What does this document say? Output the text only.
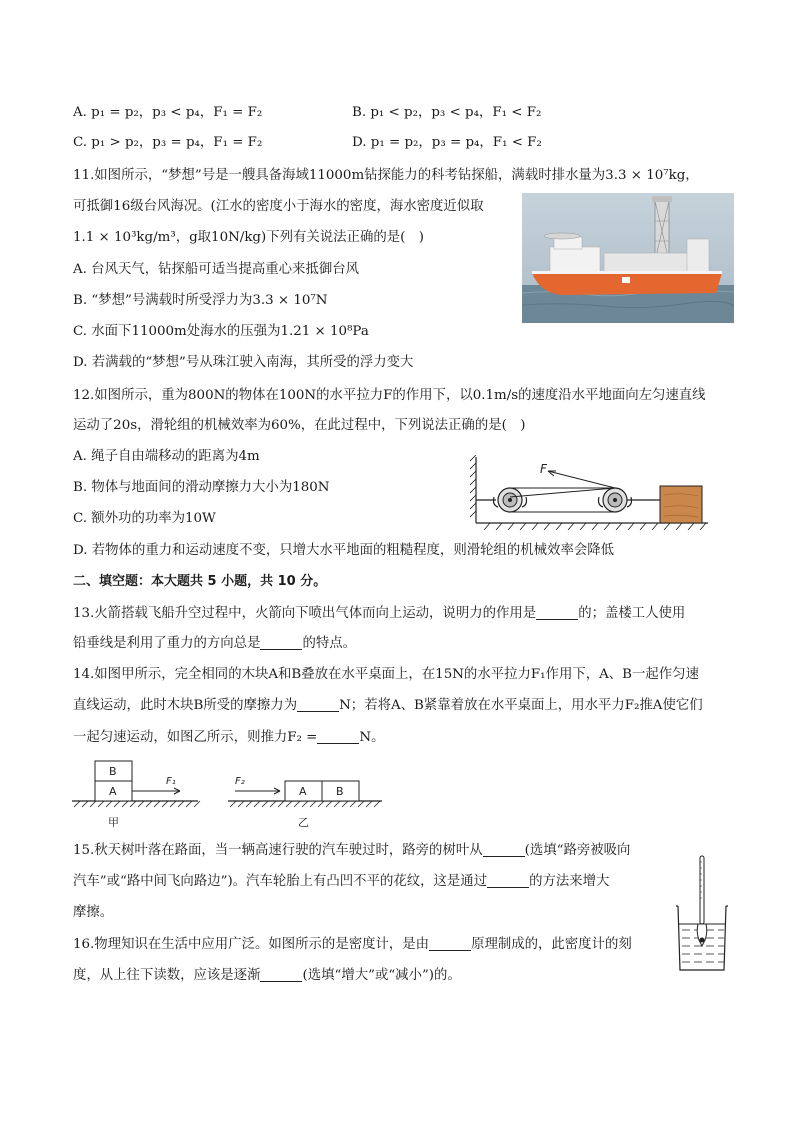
A. p₁ = p₂，p₃ < p₄，F₁ = F₂	B. p₁ < p₂，p₃ < p₄，F₁ < F₂
C. p₁ > p₂，p₃ = p₄，F₁ = F₂	D. p₁ = p₂，p₃ = p₄，F₁ < F₂
11.如图所示，“梦想”号是一艘具备海域11000m钻探能力的科考钻探船，满载时排水量为3.3 × 10⁷kg，
可抵御16级台风海况。(江水的密度小于海水的密度，海水密度近似取
1.1 × 10³kg/m³，g取10N/kg)下列有关说法正确的是(　)
A. 台风天气，钻探船可适当提高重心来抵御台风
B. “梦想”号满载时所受浮力为3.3 × 10⁷N
C. 水面下11000m处海水的压强为1.21 × 10⁸Pa
D. 若满载的“梦想”号从珠江驶入南海，其所受的浮力变大
12.如图所示，重为800N的物体在100N的水平拉力F的作用下，以0.1m/s的速度沿水平地面向左匀速直线
运动了20s，滑轮组的机械效率为60%，在此过程中，下列说法正确的是(　)
A. 绳子自由端移动的距离为4m
B. 物体与地面间的滑动摩擦力大小为180N
C. 额外功的功率为10W
D. 若物体的重力和运动速度不变，只增大水平地面的粗糙程度，则滑轮组的机械效率会降低
F
二、填空题：本大题共 5 小题，共 10 分。
13.火箭搭载飞船升空过程中，火箭向下喷出气体而向上运动，说明力的作用是	的；盖楼工人使用
铅垂线是利用了重力的方向总是	的特点。
14.如图甲所示，完全相同的木块A和B叠放在水平桌面上，在15N的水平拉力F₁作用下，A、B一起作匀速
直线运动，此时木块B所受的摩擦力为	N；若将A、B紧靠着放在水平桌面上，用水平力F₂推A使它们
一起匀速运动，如图乙所示，则推力F₂ =	N。
A
B
F₁
甲
F₂
A	B
乙
15.秋天树叶落在路面，当一辆高速行驶的汽车驶过时，路旁的树叶从	(选填“路旁被吸向
汽车”或“路中间飞向路边”)。汽车轮胎上有凸凹不平的花纹，这是通过	的方法来增大
摩擦。
16.物理知识在生活中应用广泛。如图所示的是密度计，是由	原理制成的，此密度计的刻
度，从上往下读数，应该是逐渐	(选填“增大”或“减小”)的。
